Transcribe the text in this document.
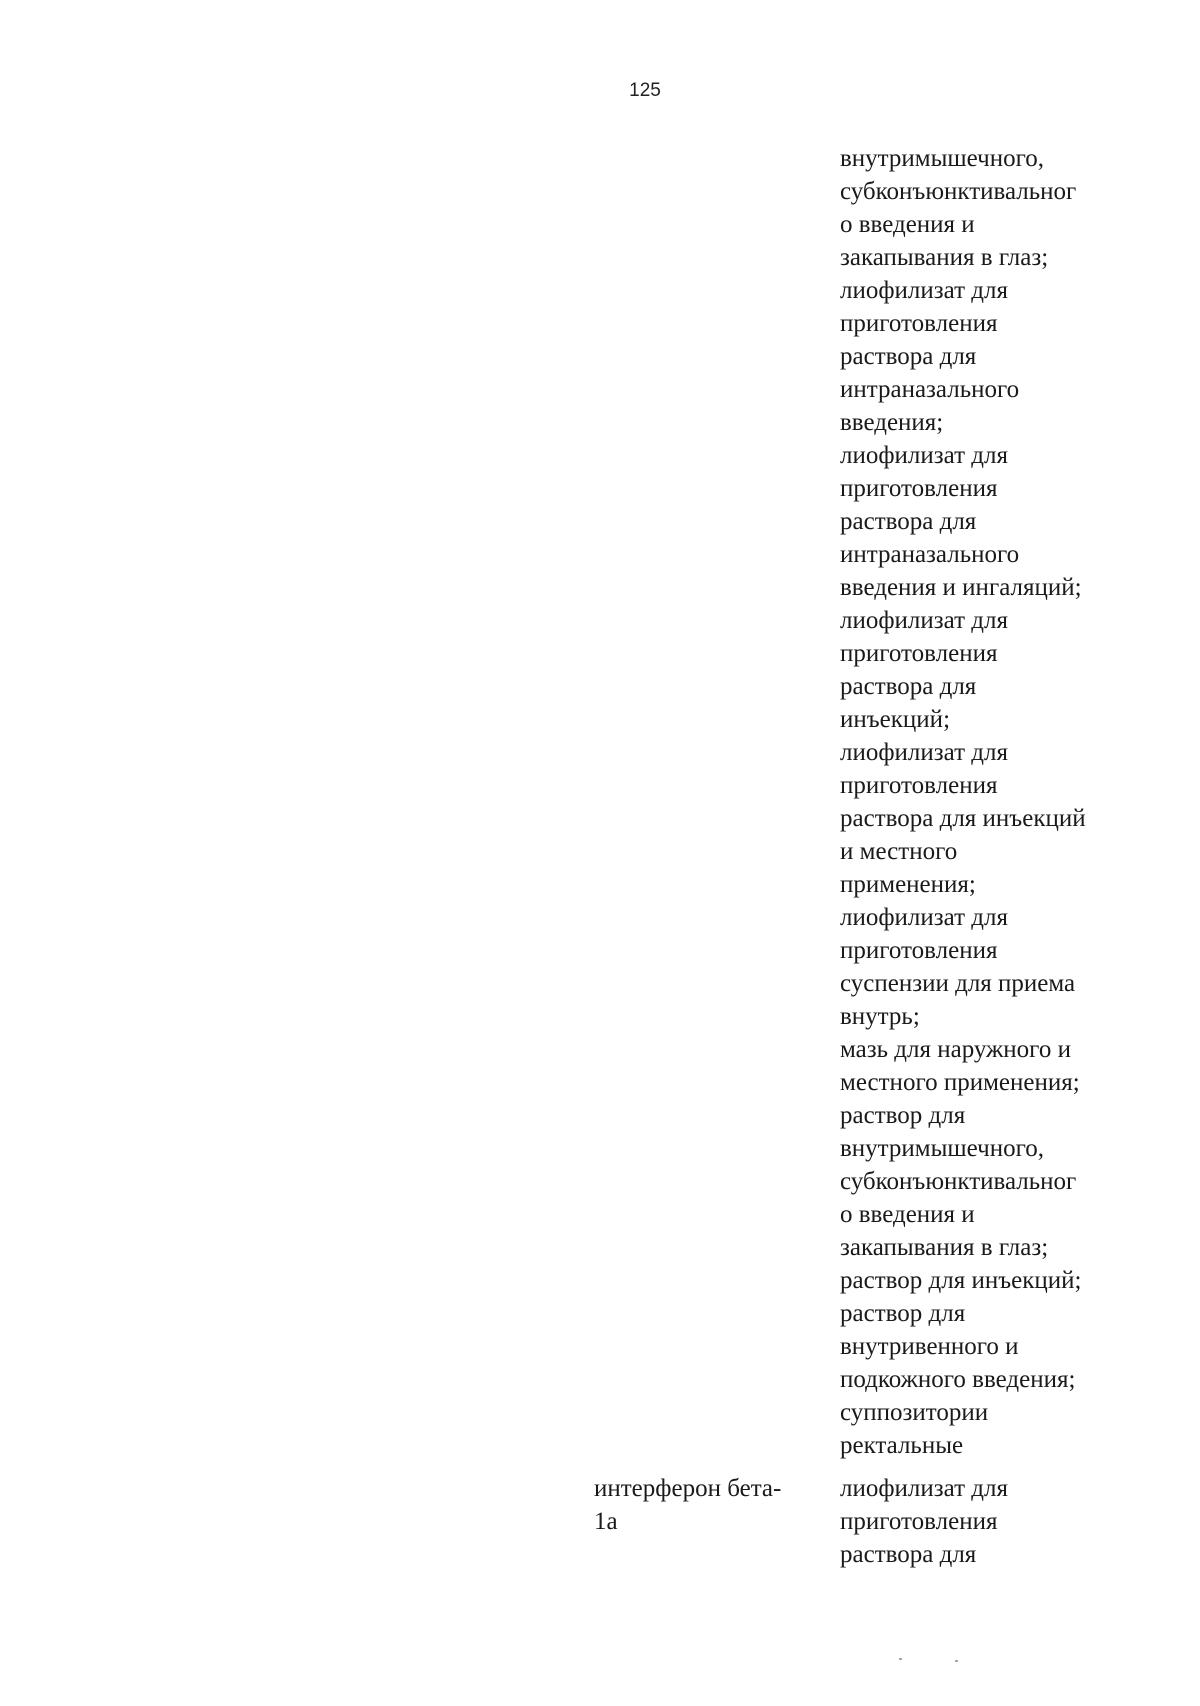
125
внутримышечного,
субконъюнктивальног
о введения и
закапывания в глаз;
лиофилизат для
приготовления
раствора для
интраназального
введения;
лиофилизат для
приготовления
раствора для
интраназального
введения и ингаляций;
лиофилизат для
приготовления
раствора для
инъекций;
лиофилизат для
приготовления
раствора для инъекций
и местного
применения;
лиофилизат для
приготовления
суспензии для приема
внутрь;
мазь для наружного и
местного применения;
раствор для
внутримышечного,
субконъюнктивальног
о введения и
закапывания в глаз;
раствор для инъекций;
раствор для
внутривенного и
подкожного введения;
суппозитории
ректальные
интерферон бета-
1a
лиофилизат для
приготовления
раствора для
